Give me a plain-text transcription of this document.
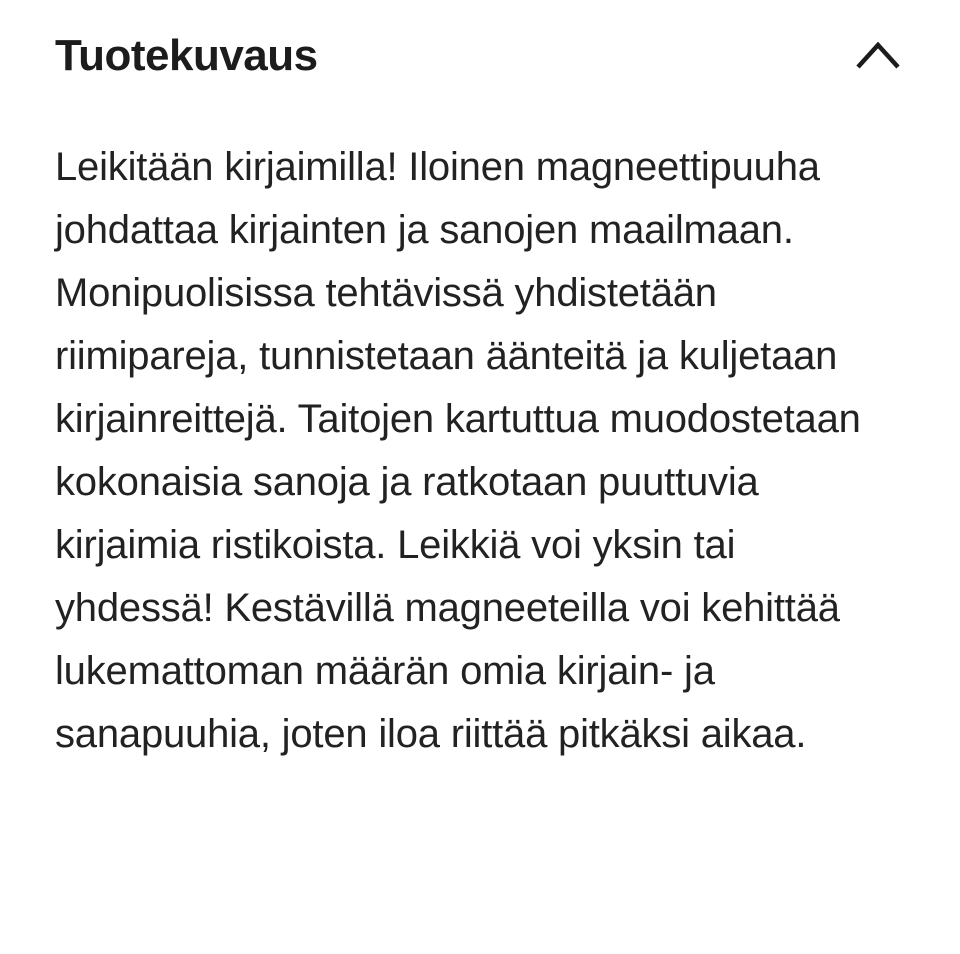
Tuotekuvaus

Leikitään kirjaimilla! Iloinen magneettipuuha johdattaa kirjainten ja sanojen maailmaan. Monipuolisissa tehtävissä yhdistetään riimipareja, tunnistetaan äänteitä ja kuljetaan kirjainreittejä. Taitojen kartuttua muodostetaan kokonaisia sanoja ja ratkotaan puuttuvia kirjaimia ristikoista. Leikkiä voi yksin tai yhdessä! Kestävillä magneeteilla voi kehittää lukemattoman määrän omia kirjain- ja sanapuuhia, joten iloa riittää pitkäksi aikaa.
